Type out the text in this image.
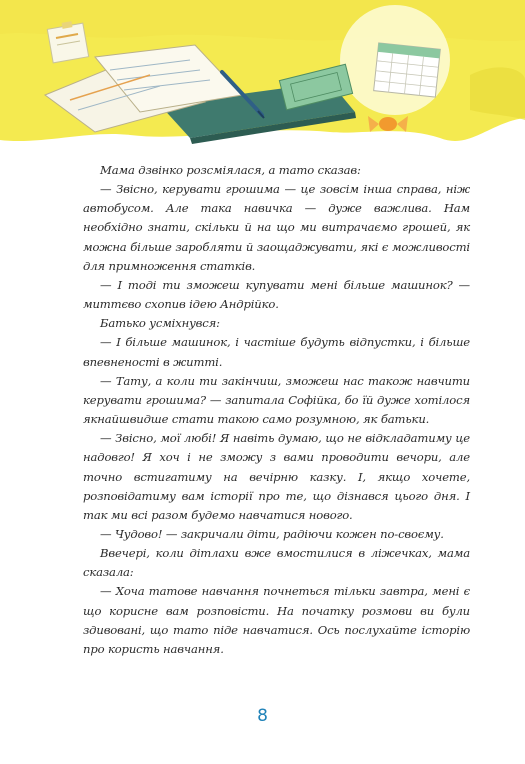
Мама дзвінко розсміялася, а тато сказав:

— Звісно, керувати грошима — це зовсім інша справа, ніж автобусом. Але така навичка — дуже важлива. Нам необхідно знати, скільки й на що ми витрачаємо грошей, як можна більше заробляти й заощаджувати, які є можливості для примноження статків.

— І тоді ти зможеш купувати мені більше машинок? — миттєво схопив ідею Андрійко.

Батько усміхнувся:

— І більше машинок, і частіше будуть відпустки, і більше впевненості в житті.

— Тату, а коли ти закінчиш, зможеш нас також навчити керувати грошима? — запитала Софійка, бо їй дуже хотілося якнайшвидше стати такою само розумною, як батьки.

— Звісно, мої любі! Я навіть думаю, що не відкладатиму це надовго! Я хоч і не зможу з вами проводити вечори, але точно встигатиму на вечірню казку. І, якщо хочете, розповідатиму вам історії про те, що дізнався цього дня. І так ми всі разом будемо навчатися нового.

— Чудово! — закричали діти, радіючи кожен по-своєму.

Ввечері, коли дітлахи вже вмостилися в ліжечках, мама сказала:

— Хоча татове навчання почнеться тільки завтра, мені є що корисне вам розповісти. На початку розмови ви були здивовані, що тато піде навчатися. Ось послухайте історію про користь навчання.

8
